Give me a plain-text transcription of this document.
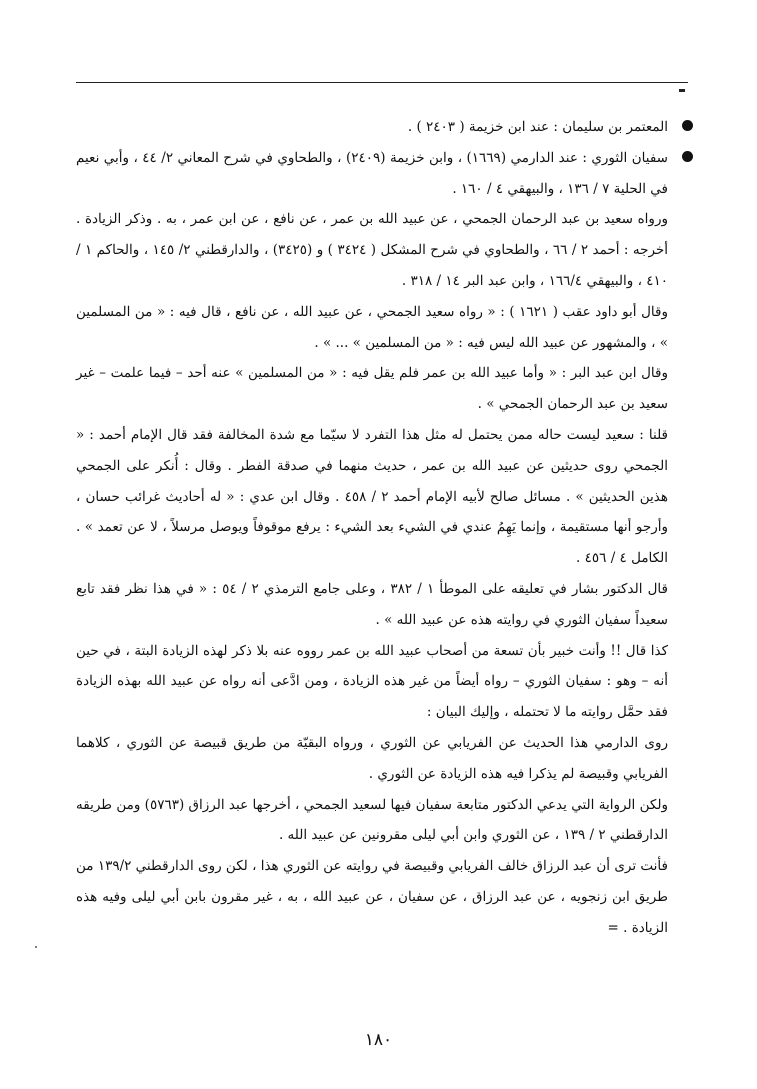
المعتمر بن سليمان : عند ابن خزيمة ( ٢٤٠٣ ) .

سفيان الثوري : عند الدارمي (١٦٦٩) ، وابن خزيمة (٢٤٠٩) ، والطحاوي في شرح المعاني ٢/ ٤٤ ، وأبي نعيم في الحلية ٧ / ١٣٦ ، والبيهقي ٤ / ١٦٠ .

ورواه سعيد بن عبد الرحمان الجمحي ، عن عبيد الله بن عمر ، عن نافع ، عن ابن عمر ، به . وذكر الزيادة . أخرجه : أحمد ٢ / ٦٦ ، والطحاوي في شرح المشكل ( ٣٤٢٤ ) و (٣٤٢٥) ، والدارقطني ٢/ ١٤٥ ، والحاكم ١ / ٤١٠ ، والبيهقي ١٦٦/٤ ، وابن عبد البر ١٤ / ٣١٨ .

وقال أبو داود عقب ( ١٦٢١ ) : « رواه سعيد الجمحي ، عن عبيد الله ، عن نافع ، قال فيه : « من المسلمين » ، والمشهور عن عبيد الله ليس فيه : « من المسلمين » ... » .

وقال ابن عبد البر : « وأما عبيد الله بن عمر فلم يقل فيه : « من المسلمين » عنه أحد – فيما علمت – غير سعيد بن عبد الرحمان الجمحي » .

قلنا : سعيد ليست حاله ممن يحتمل له مثل هذا التفرد لا سيّما مع شدة المخالفة فقد قال الإمام أحمد : « الجمحي روى حديثين عن عبيد الله بن عمر ، حديث منهما في صدقة الفطر . وقال : أُنكر على الجمحي هذين الحديثين » . مسائل صالح لأبيه الإمام أحمد ٢ / ٤٥٨ . وقال ابن عدي : « له أحاديث غرائب حسان ، وأرجو أنها مستقيمة ، وإنما يَهِمُ عندي في الشيء بعد الشيء : يرفع موقوفاً ويوصل مرسلاً ، لا عن تعمد » . الكامل ٤ / ٤٥٦ .

قال الدكتور بشار في تعليقه على الموطأ ١ / ٣٨٢ ، وعلى جامع الترمذي ٢ / ٥٤ : « في هذا نظر فقد تابع سعيداً سفيان الثوري في روايته هذه عن عبيد الله » .

كذا قال !! وأنت خبير بأن تسعة من أصحاب عبيد الله بن عمر رووه عنه بلا ذكر لهذه الزيادة البتة ، في حين أنه – وهو : سفيان الثوري – رواه أيضاً من غير هذه الزيادة ، ومن ادَّعى أنه رواه عن عبيد الله بهذه الزيادة فقد حمَّل روايته ما لا تحتمله ، وإليك البيان :

روى الدارمي هذا الحديث عن الفريابي عن الثوري ، ورواه البقيّة من طريق قبيصة عن الثوري ، كلاهما الفريابي وقبيصة لم يذكرا فيه هذه الزيادة عن الثوري .

ولكن الرواية التي يدعي الدكتور متابعة سفيان فيها لسعيد الجمحي ، أخرجها عبد الرزاق (٥٧٦٣) ومن طريقه الدارقطني ٢ / ١٣٩ ، عن الثوري وابن أبي ليلى مقرونين عن عبيد الله .

فأنت ترى أن عبد الرزاق خالف الفريابي وقبيصة في روايته عن الثوري هذا ، لكن روى الدارقطني ١٣٩/٢ من طريق ابن زنجويه ، عن عبد الرزاق ، عن سفيان ، عن عبيد الله ، به ، غير مقرون بابن أبي ليلى وفيه هذه الزيادة . =

١٨٠
